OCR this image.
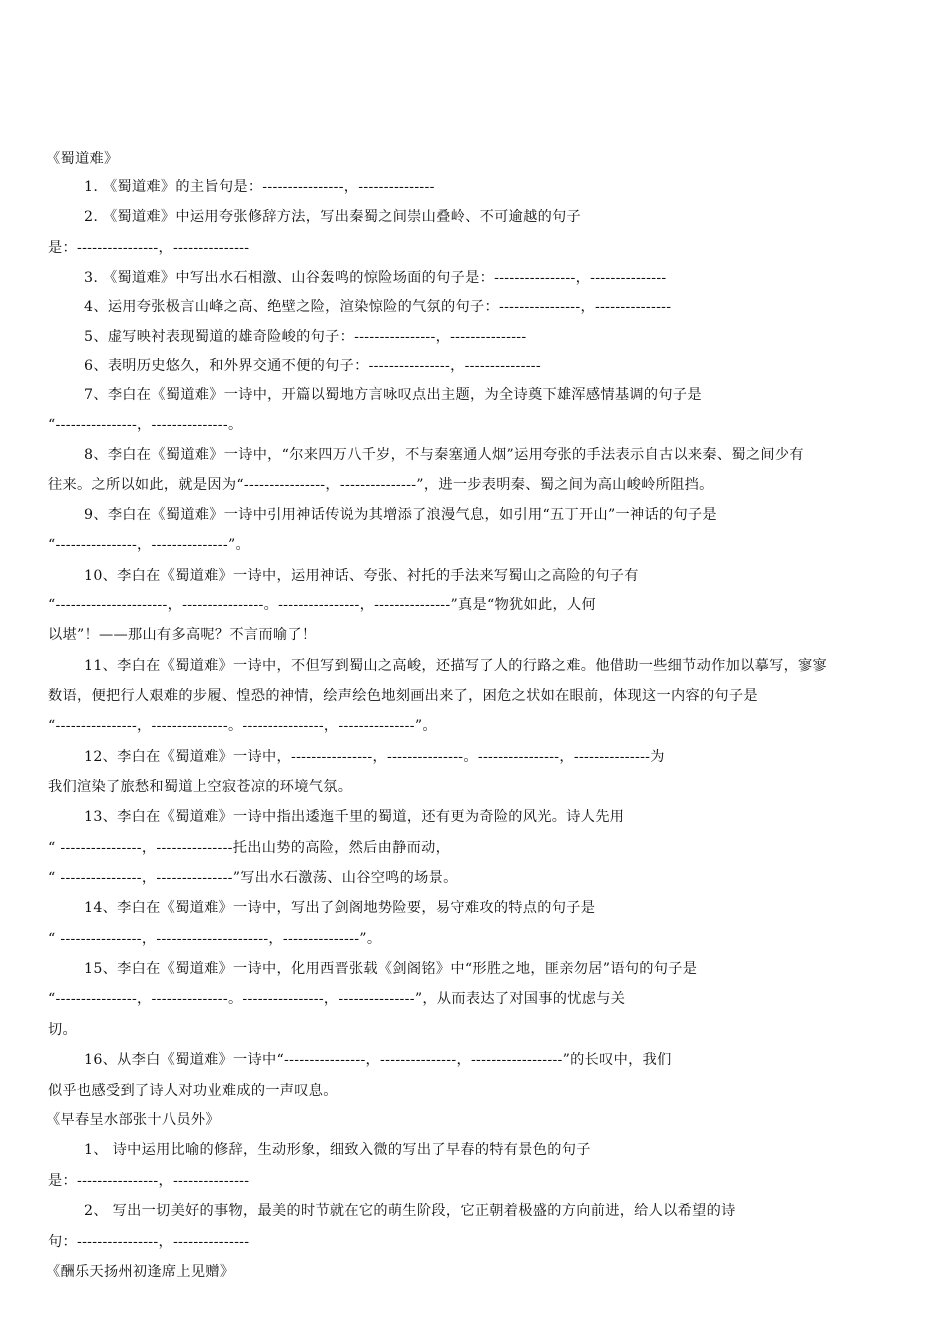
《蜀道难》
1. 《蜀道难》的主旨句是：----------------，---------------
2. 《蜀道难》中运用夸张修辞方法，写出秦蜀之间崇山叠岭、不可逾越的句子
是：----------------，---------------
3. 《蜀道难》中写出水石相激、山谷轰鸣的惊险场面的句子是：----------------，---------------
4、运用夸张极言山峰之高、绝壁之险，渲染惊险的气氛的句子：----------------，---------------
5、虚写映衬表现蜀道的雄奇险峻的句子：----------------，---------------
6、表明历史悠久，和外界交通不便的句子：----------------，---------------
7、李白在《蜀道难》一诗中，开篇以蜀地方言咏叹点出主题，为全诗奠下雄浑感情基调的句子是
“----------------，---------------。
8、李白在《蜀道难》一诗中，“尔来四万八千岁，不与秦塞通人烟”运用夸张的手法表示自古以来秦、蜀之间少有
往来。之所以如此，就是因为“----------------，---------------”，进一步表明秦、蜀之间为高山峻岭所阻挡。
9、李白在《蜀道难》一诗中引用神话传说为其增添了浪漫气息，如引用“五丁开山”一神话的句子是
“----------------，---------------”。
10、李白在《蜀道难》一诗中，运用神话、夸张、衬托的手法来写蜀山之高险的句子有
“----------------------，----------------。----------------，---------------”真是“物犹如此，人何
以堪”！——那山有多高呢？不言而喻了！
11、李白在《蜀道难》一诗中，不但写到蜀山之高峻，还描写了人的行路之难。他借助一些细节动作加以摹写，寥寥
数语，便把行人艰难的步履、惶恐的神情，绘声绘色地刻画出来了，困危之状如在眼前，体现这一内容的句子是
“----------------，---------------。----------------，---------------”。
12、李白在《蜀道难》一诗中，----------------，---------------。----------------，---------------为
我们渲染了旅愁和蜀道上空寂苍凉的环境气氛。
13、李白在《蜀道难》一诗中指出逶迤千里的蜀道，还有更为奇险的风光。诗人先用
“ ----------------，---------------托出山势的高险，然后由静而动，
“ ----------------，---------------”写出水石激荡、山谷空鸣的场景。
14、李白在《蜀道难》一诗中，写出了剑阁地势险要，易守难攻的特点的句子是
“ ----------------，----------------------，---------------”。
15、李白在《蜀道难》一诗中，化用西晋张载《剑阁铭》中“形胜之地，匪亲勿居”语句的句子是
“----------------，---------------。----------------，---------------”，从而表达了对国事的忧虑与关
切。
16、从李白《蜀道难》一诗中“----------------，---------------，------------------”的长叹中，我们
似乎也感受到了诗人对功业难成的一声叹息。
《早春呈水部张十八员外》
1、 诗中运用比喻的修辞，生动形象，细致入微的写出了早春的特有景色的句子
是：----------------，---------------
2、 写出一切美好的事物，最美的时节就在它的萌生阶段，它正朝着极盛的方向前进，给人以希望的诗
句：----------------，---------------
《酬乐天扬州初逢席上见赠》
